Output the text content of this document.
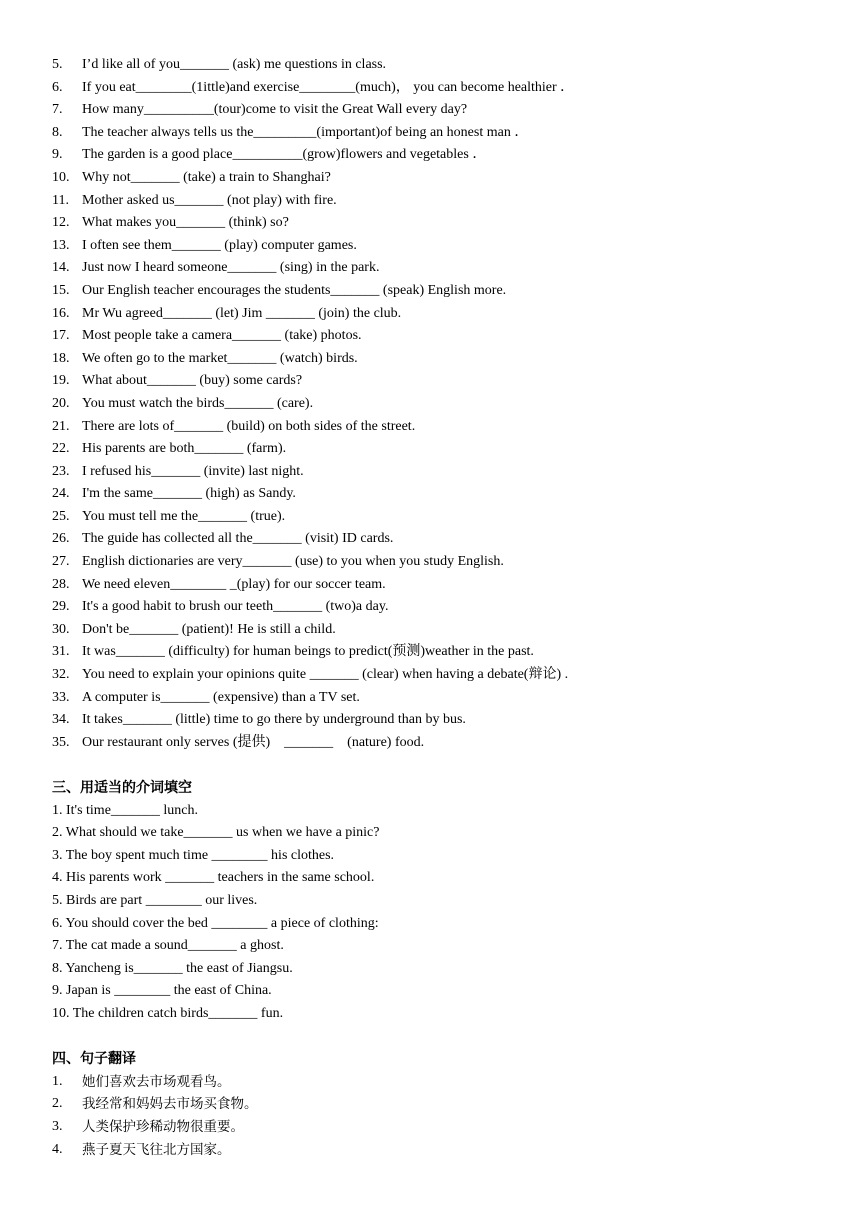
5. I’d like all of you_______ (ask) me questions in class.
6. If you eat________(1ittle)and exercise________(much)， you can become healthier ．
7. How many__________(tour)come to visit the Great Wall every day?
8. The teacher always tells us the_________(important)of being an honest man ．
9. The garden is a good place__________(grow)flowers and vegetables ．
10. Why not_______ (take) a train to Shanghai?
11. Mother asked us_______ (not play) with fire.
12. What makes you_______ (think) so?
13. I often see them_______ (play) computer games.
14. Just now I heard someone_______ (sing) in the park.
15. Our English teacher encourages the students_______ (speak) English more.
16. Mr Wu agreed_______ (let) Jim _______ (join) the club.
17. Most people take a camera_______ (take) photos.
18. We often go to the market_______ (watch) birds.
19. What about_______ (buy) some cards?
20. You must watch the birds_______ (care).
21. There are lots of_______ (build) on both sides of the street.
22. His parents are both_______ (farm).
23. I refused his_______ (invite) last night.
24. I'm the same_______ (high) as Sandy.
25. You must tell me the_______ (true).
26. The guide has collected all the_______ (visit) ID cards.
27. English dictionaries are very_______ (use) to you when you study English.
28. We need eleven________ _(play) for our soccer team.
29. It's a good habit to brush our teeth_______ (two)a day.
30. Don't be_______ (patient)! He is still a child.
31. It was_______ (difficulty) for human beings to predict(预测)weather in the past.
32. You need to explain your opinions quite _______ (clear) when having a debate(辩论) .
33. A computer is_______ (expensive) than a TV set.
34. It takes_______ (little) time to go there by underground than by bus.
35. Our restaurant only serves (提供)    _______    (nature) food.
三、用适当的介词填空
1. It's time_______ lunch.
2. What should we take_______ us when we have a pinic?
3. The boy spent much time ________ his clothes.
4. His parents work _______ teachers in the same school.
5. Birds are part ________ our lives.
6. You should cover the bed ________ a piece of clothing:
7. The cat made a sound_______ a ghost.
8. Yancheng is_______ the east of Jiangsu.
9. Japan is ________ the east of China.
10. The children catch birds_______ fun.
四、句子翻译
1. 她们喜欢去市场观看鸟。
2. 我经常和妈妈去市场买食物。
3. 人类保护珍稀动物很重要。
4. 燕子夏天飞往北方国家。
